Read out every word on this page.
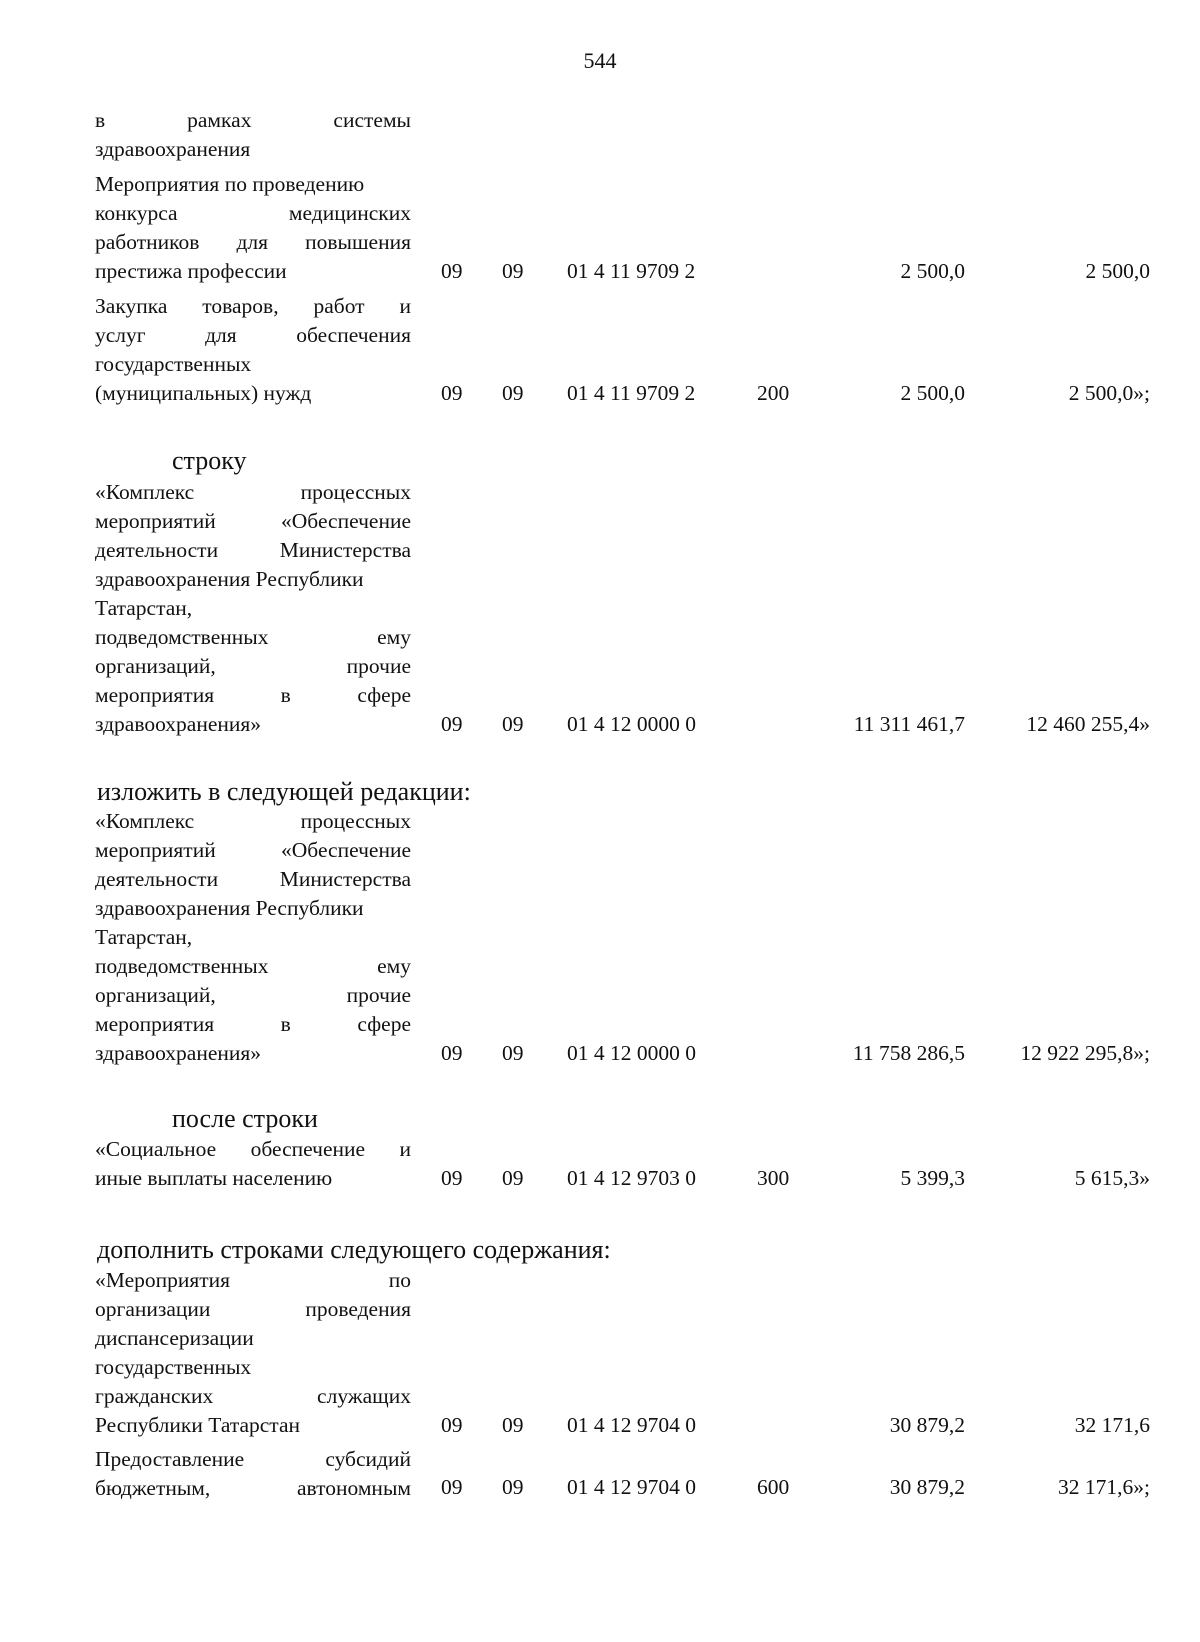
544
в рамках системы
здравоохранения
Мероприятия по проведению
конкурса медицинских
работников для повышения
престижа профессии	09 09 01 4 11 9709 2	2 500,0	2 500,0
Закупка товаров, работ и
услуг для обеспечения
государственных
(муниципальных) нужд	09 09 01 4 11 9709 2	200	2 500,0	2 500,0»;
строку
«Комплекс процессных
мероприятий «Обеспечение
деятельности Министерства
здравоохранения Республики
Татарстан,
подведомственных ему
организаций, прочие
мероприятия в сфере
здравоохранения»	09 09 01 4 12 0000 0	11 311 461,7	12 460 255,4»
изложить в следующей редакции:
«Комплекс процессных
мероприятий «Обеспечение
деятельности Министерства
здравоохранения Республики
Татарстан,
подведомственных ему
организаций, прочие
мероприятия в сфере
здравоохранения»	09 09 01 4 12 0000 0	11 758 286,5	12 922 295,8»;
после строки
«Социальное обеспечение и
иные выплаты населению	09 09 01 4 12 9703 0	300	5 399,3	5 615,3»
дополнить строками следующего содержания:
«Мероприятия по
организации проведения
диспансеризации
государственных
гражданских служащих
Республики Татарстан	09 09 01 4 12 9704 0	30 879,2	32 171,6
Предоставление субсидий
бюджетным, автономным 09 09 01 4 12 9704 0	600	30 879,2	32 171,6»;
